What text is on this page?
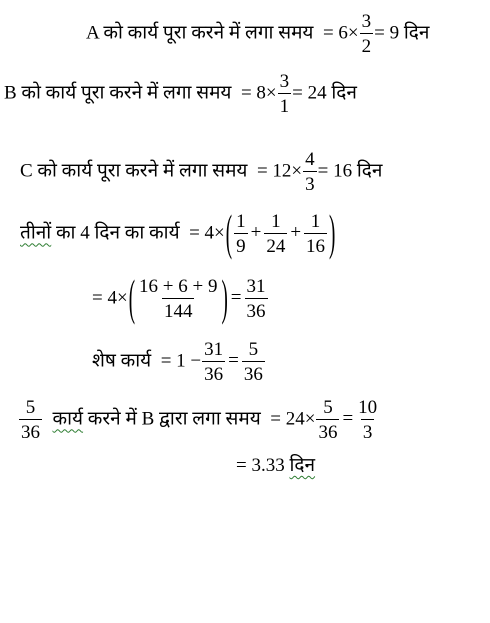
A को कार्य पूरा करने में लगा समय = $6\times \frac{3}{2} = 9$ दिन
B को कार्य पूरा करने में लगा समय = $8\times \frac{3}{1} = 24$ दिन
C को कार्य पूरा करने में लगा समय = $12\times \frac{4}{3} = 16$ दिन
तीनों का 4 दिन का कार्य = $4\times( \frac{1}{9} + \frac{1}{24} + \frac{1}{16}$ )
= $4\times( \frac{16 + 6 + 9}{144}$ ) = $\frac{31}{36}$
शेष कार्य = $1 - \frac{31}{36} = \frac{5}{36}$
$\frac{5}{36}$ कार्य करने में B द्वारा लगा समय = $24\times \frac{5}{36} = \frac{10}{3}$
= 3.33 दिन
